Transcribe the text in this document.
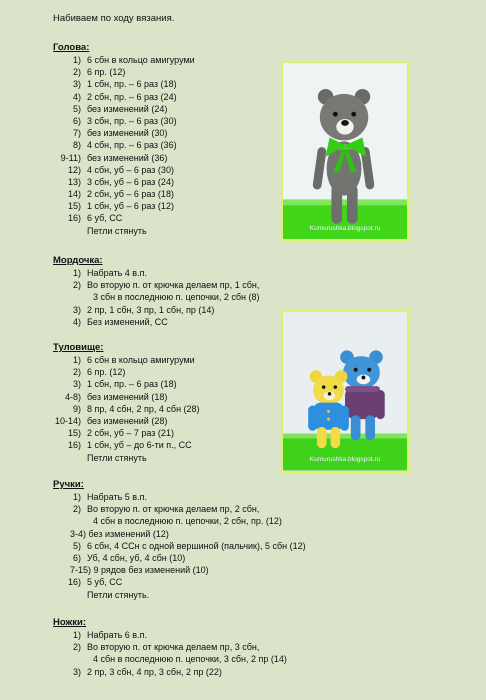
Набиваем по ходу вязания.
Голова:
1) 6 сбн в кольцо амигуруми
2) 6 пр. (12)
3) 1 сбн, пр. – 6 раз (18)
4) 2 сбн, пр. – 6 раз (24)
5) без изменений (24)
6) 3 сбн, пр. – 6 раз (30)
7) без изменений (30)
8) 4 сбн, пр. – 6 раз (36)
9-11) без изменений (36)
12) 4 сбн, уб – 6 раз (30)
13) 3 сбн, уб – 6 раз (24)
14) 2 сбн, уб – 6 раз (18)
15) 1 сбн, уб – 6 раз (12)
16) 6 уб, СС
Петли стянуть
Мордочка:
1) Набрать 4 в.п.
2) Во вторую п. от крючка делаем пр, 1 сбн,
3 сбн в последнюю п. цепочки, 2 сбн (8)
3) 2 пр, 1 сбн, 3 пр, 1 сбн, пр (14)
4) Без изменений, СС
Туловище:
1) 6 сбн в кольцо амигуруми
2) 6 пр. (12)
3) 1 сбн, пр. – 6 раз (18)
4-8) без изменений (18)
9) 8 пр, 4 сбн, 2 пр, 4 сбн (28)
10-14) без изменений (28)
15) 2 сбн, уб – 7 раз (21)
16) 1 сбн, уб – до 6-ти п., СС
Петли стянуть
Ручки:
1) Набрать 5 в.п.
2) Во вторую п. от крючка делаем пр, 2 сбн,
4 сбн в последнюю п. цепочки, 2 сбн, пр. (12)
3-4) без изменений (12)
5) 6 сбн, 4 ССн с одной вершиной (пальчик), 5 сбн (12)
6) Уб, 4 сбн, уб, 4 сбн (10)
7-15) 9 рядов без изменений (10)
16) 5 уб, СС
Петли стянуть.
Ножки:
1) Набрать 6 в.п.
2) Во вторую п. от крючка делаем пр, 3 сбн,
4 сбн в последнюю п. цепочки, 3 сбн, 2 пр (14)
3) 2 пр, 3 сбн, 4 пр, 3 сбн, 2 пр (22)
Kumurushka.blogspot.ru
Kumurushka.blogspot.ru
